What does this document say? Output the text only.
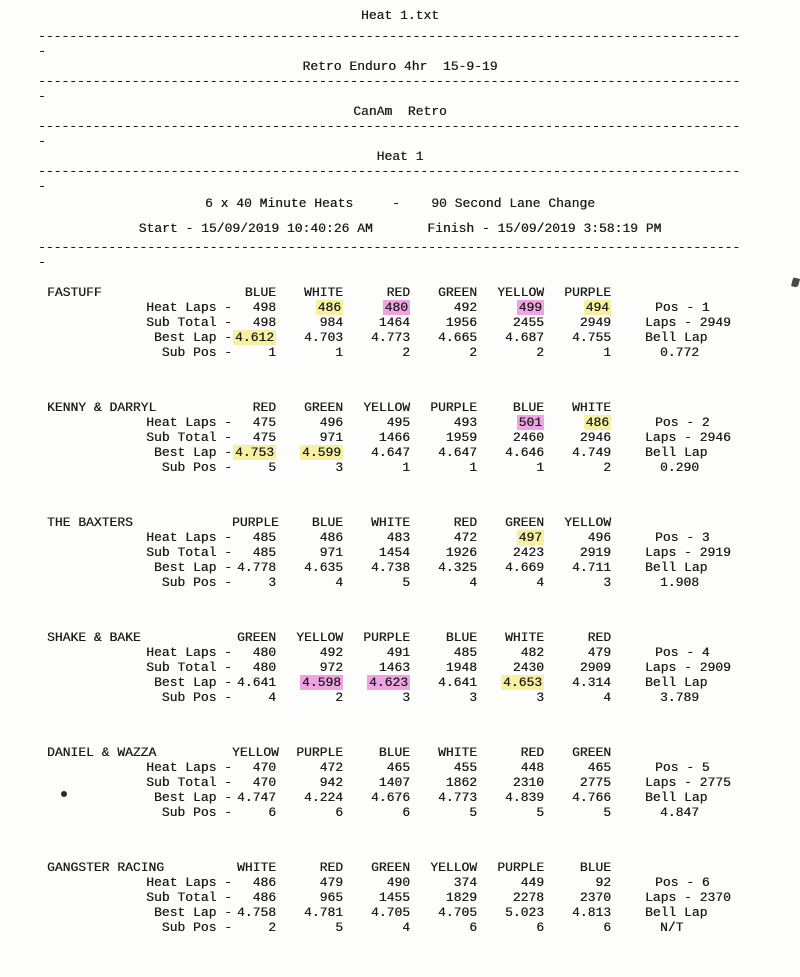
Heat 1.txt
------------------------------------------------------------------------------------------
-
Retro Enduro 4hr  15-9-19
------------------------------------------------------------------------------------------
-
CanAm  Retro
------------------------------------------------------------------------------------------
-
Heat 1
------------------------------------------------------------------------------------------
-
6 x 40 Minute Heats     -    90 Second Lane Change
Start - 15/09/2019 10:40:26 AM       Finish - 15/09/2019 3:58:19 PM
------------------------------------------------------------------------------------------
-
FASTUFF	BLUE	WHITE	RED	GREEN	YELLOW	PURPLE
Heat Laps -	498	486	480	492	499	494	Pos - 1
Sub Total -	498	984	1464	1956	2455	2949	Laps - 2949
Best Lap - 4.612	4.703	4.773	4.665	4.687	4.755	Bell Lap
Sub Pos -	1	1	2	2	2	1	0.772
KENNY & DARRYL	RED	GREEN	YELLOW	PURPLE	BLUE	WHITE
Heat Laps -	475	496	495	493	501	486	Pos - 2
Sub Total -	475	971	1466	1959	2460	2946	Laps - 2946
Best Lap - 4.753	4.599	4.647	4.647	4.646	4.749	Bell Lap
Sub Pos -	5	3	1	1	1	2	0.290
THE BAXTERS	PURPLE	BLUE	WHITE	RED	GREEN	YELLOW
Heat Laps -	485	486	483	472	497	496	Pos - 3
Sub Total -	485	971	1454	1926	2423	2919	Laps - 2919
Best Lap - 4.778	4.635	4.738	4.325	4.669	4.711	Bell Lap
Sub Pos -	3	4	5	4	4	3	1.908
SHAKE & BAKE	GREEN	YELLOW	PURPLE	BLUE	WHITE	RED
Heat Laps -	480	492	491	485	482	479	Pos - 4
Sub Total -	480	972	1463	1948	2430	2909	Laps - 2909
Best Lap - 4.641	4.598	4.623	4.641	4.653	4.314	Bell Lap
Sub Pos -	4	2	3	3	3	4	3.789
DANIEL & WAZZA	YELLOW	PURPLE	BLUE	WHITE	RED	GREEN
Heat Laps -	470	472	465	455	448	465	Pos - 5
Sub Total -	470	942	1407	1862	2310	2775	Laps - 2775
Best Lap - 4.747	4.224	4.676	4.773	4.839	4.766	Bell Lap
Sub Pos -	6	6	6	5	5	5	4.847
GANGSTER RACING	WHITE	RED	GREEN	YELLOW	PURPLE	BLUE
Heat Laps -	486	479	490	374	449	92	Pos - 6
Sub Total -	486	965	1455	1829	2278	2370	Laps - 2370
Best Lap - 4.758	4.781	4.705	4.705	5.023	4.813	Bell Lap
Sub Pos -	2	5	4	6	6	6	N/T
